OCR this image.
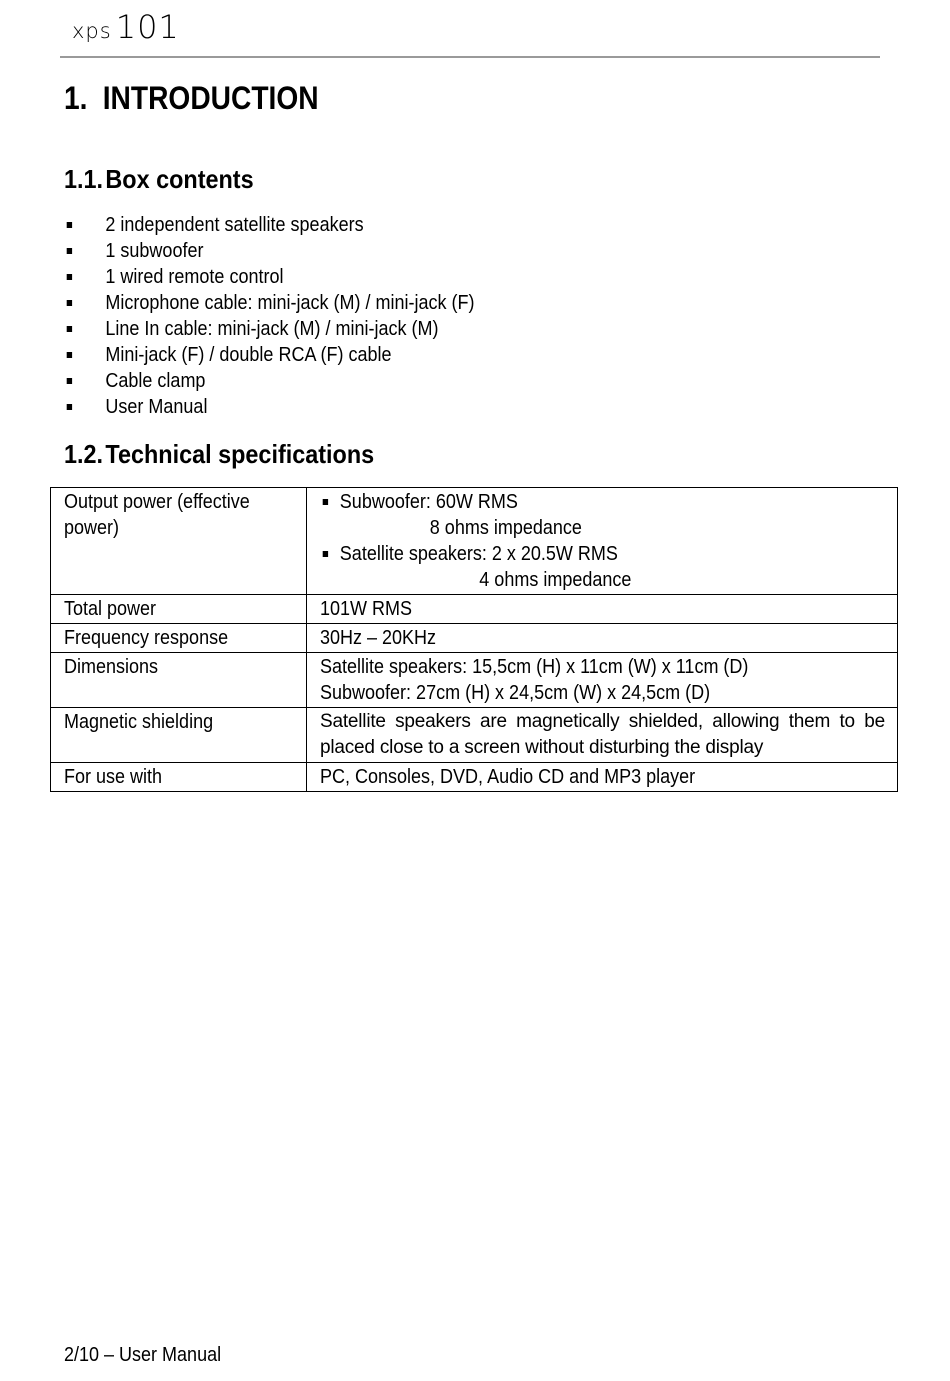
xps 101
1. INTRODUCTION
1.1.Box contents
2 independent satellite speakers
1 subwoofer
1 wired remote control
Microphone cable: mini-jack (M) / mini-jack (F)
Line In cable: mini-jack (M) / mini-jack (M)
Mini-jack (F) / double RCA (F) cable
Cable clamp
User Manual
1.2.Technical specifications
Output power (effective power)	Subwoofer: 60W RMS
8 ohms impedance
Satellite speakers: 2 x 20.5W RMS
4 ohms impedance

Total power	101W RMS

Frequency response	30Hz – 20KHz

Dimensions	Satellite speakers: 15,5cm (H) x 11cm (W) x 11cm (D)
Subwoofer: 27cm (H) x 24,5cm (W) x 24,5cm (D)

Magnetic shielding	Satellite speakers are magnetically shielded, allowing them to be placed close to a screen without disturbing the display

For use with	PC, Consoles, DVD, Audio CD and MP3 player
2/10 – User Manual
